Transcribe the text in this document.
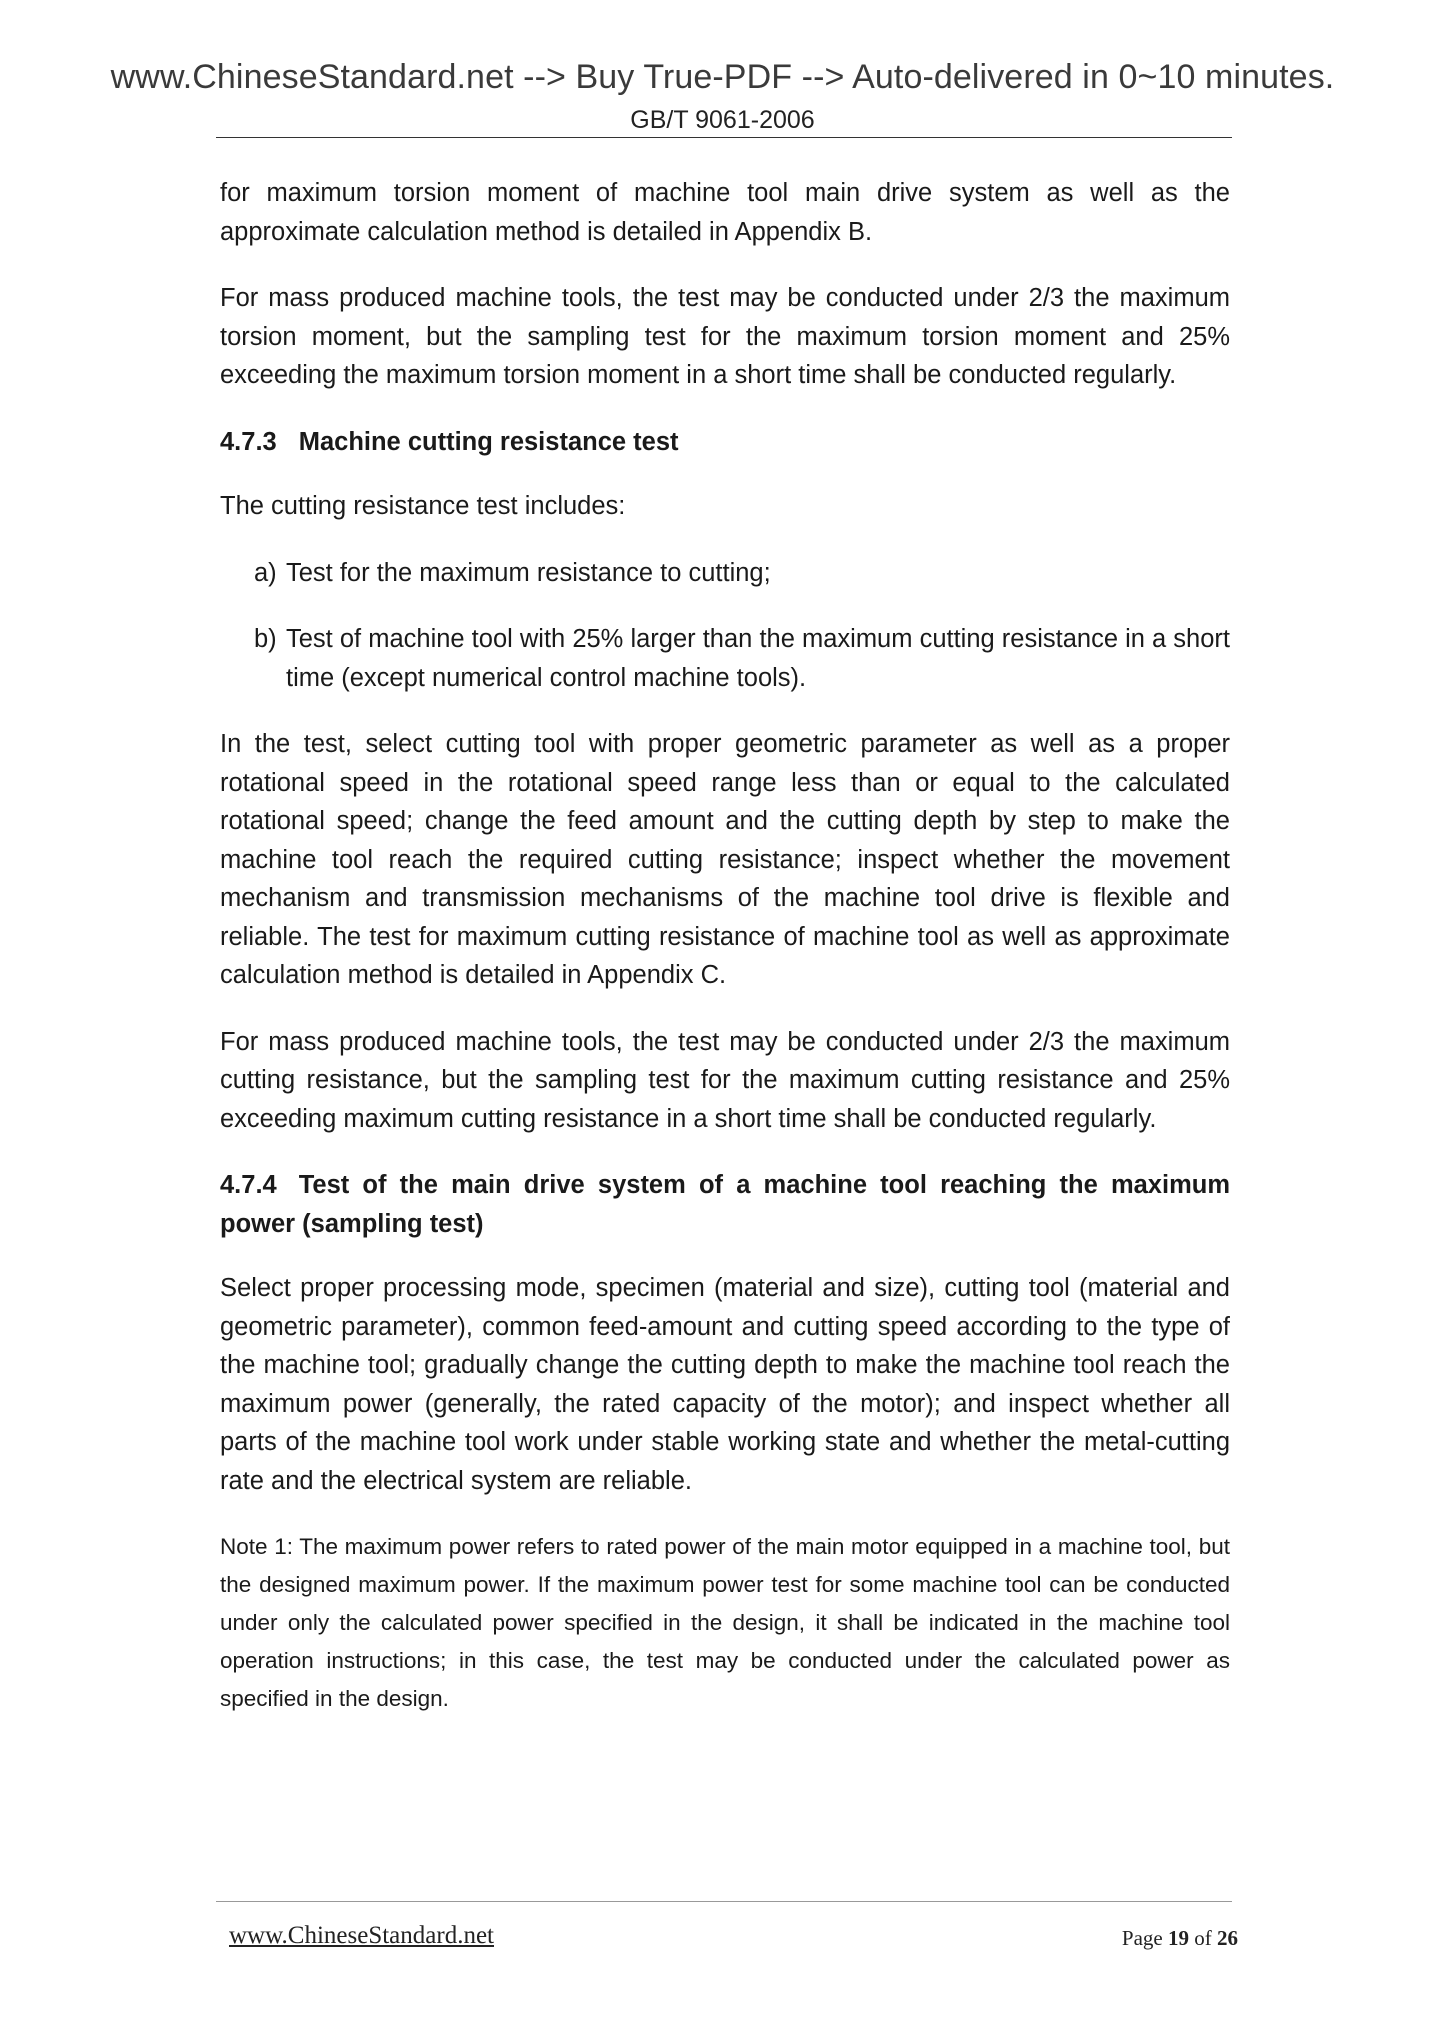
www.ChineseStandard.net --> Buy True-PDF --> Auto-delivered in 0~10 minutes.
GB/T 9061-2006

for maximum torsion moment of machine tool main drive system as well as the approximate calculation method is detailed in Appendix B.

For mass produced machine tools, the test may be conducted under 2/3 the maximum torsion moment, but the sampling test for the maximum torsion moment and 25% exceeding the maximum torsion moment in a short time shall be conducted regularly.

4.7.3 Machine cutting resistance test

The cutting resistance test includes:

a) Test for the maximum resistance to cutting;
b) Test of machine tool with 25% larger than the maximum cutting resistance in a short time (except numerical control machine tools).

In the test, select cutting tool with proper geometric parameter as well as a proper rotational speed in the rotational speed range less than or equal to the calculated rotational speed; change the feed amount and the cutting depth by step to make the machine tool reach the required cutting resistance; inspect whether the movement mechanism and transmission mechanisms of the machine tool drive is flexible and reliable. The test for maximum cutting resistance of machine tool as well as approximate calculation method is detailed in Appendix C.

For mass produced machine tools, the test may be conducted under 2/3 the maximum cutting resistance, but the sampling test for the maximum cutting resistance and 25% exceeding maximum cutting resistance in a short time shall be conducted regularly.

4.7.4 Test of the main drive system of a machine tool reaching the maximum power (sampling test)

Select proper processing mode, specimen (material and size), cutting tool (material and geometric parameter), common feed-amount and cutting speed according to the type of the machine tool; gradually change the cutting depth to make the machine tool reach the maximum power (generally, the rated capacity of the motor); and inspect whether all parts of the machine tool work under stable working state and whether the metal-cutting rate and the electrical system are reliable.

Note 1: The maximum power refers to rated power of the main motor equipped in a machine tool, but the designed maximum power. If the maximum power test for some machine tool can be conducted under only the calculated power specified in the design, it shall be indicated in the machine tool operation instructions; in this case, the test may be conducted under the calculated power as specified in the design.

www.ChineseStandard.net	Page 19 of 26
